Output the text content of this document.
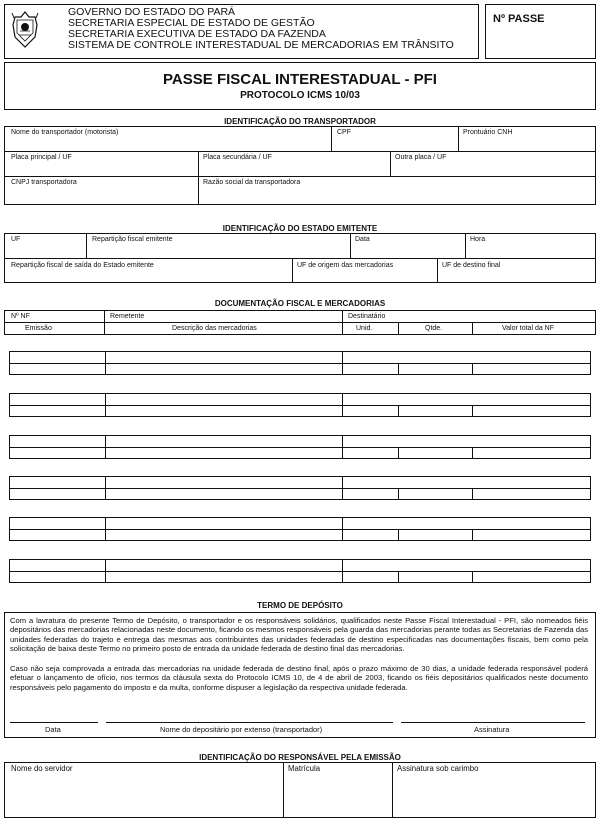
GOVERNO DO ESTADO DO PARÁ
SECRETARIA ESPECIAL DE ESTADO DE GESTÃO
SECRETARIA EXECUTIVA DE ESTADO DA FAZENDA
SISTEMA DE CONTROLE INTERESTADUAL DE MERCADORIAS EM TRÂNSITO
Nº PASSE
PASSE FISCAL INTERESTADUAL - PFI
PROTOCOLO ICMS 10/03
IDENTIFICAÇÃO DO TRANSPORTADOR
Nome do transportador (motorista)	CPF	Prontuário CNH
Placa principal / UF	Placa secundária / UF	Outra placa / UF
CNPJ transportadora	Razão social da transportadora
IDENTIFICAÇÃO DO ESTADO EMITENTE
UF	Repartição fiscal emitente	Data	Hora
Repartição fiscal de saída do Estado emitente	UF de origem das mercadorias	UF de destino final
DOCUMENTAÇÃO FISCAL E MERCADORIAS
Nº NF	Remetente	Destinatário
Emissão	Descrição das mercadorias	Unid.	Qtde.	Valor total da NF
TERMO DE DEPÓSITO
Com a lavratura do presente Termo de Depósito, o transportador e os responsáveis solidários, qualificados neste Passe Fiscal Interestadual - PFI, são nomeados fiéis depositários das mercadorias relacionadas neste documento, ficando os mesmos responsáveis pela guarda das mercadorias perante todas as Secretarias de Fazenda das unidades federadas do trajeto e entrega das mesmas aos contribuintes das unidades federadas de destino especificadas nas documentações fiscais, bem como pela solicitação de baixa deste Termo no primeiro posto de entrada da unidade federada de destino final das mercadorias.
Caso não seja comprovada a entrada das mercadorias na unidade federada de destino final, após o prazo máximo de 30 dias, a unidade federada responsável poderá efetuar o lançamento de ofício, nos termos da cláusula sexta do Protocolo ICMS 10, de 4 de abril de 2003, ficando os fiéis depositários qualificados neste documento responsáveis pelo pagamento do imposto e da multa, conforme dispuser a legislação da respectiva unidade federada.
Data	Nome do depositário por extenso (transportador)	Assinatura
IDENTIFICAÇÃO DO RESPONSÁVEL PELA EMISSÃO
Nome do servidor	Matrícula	Assinatura sob carimbo
